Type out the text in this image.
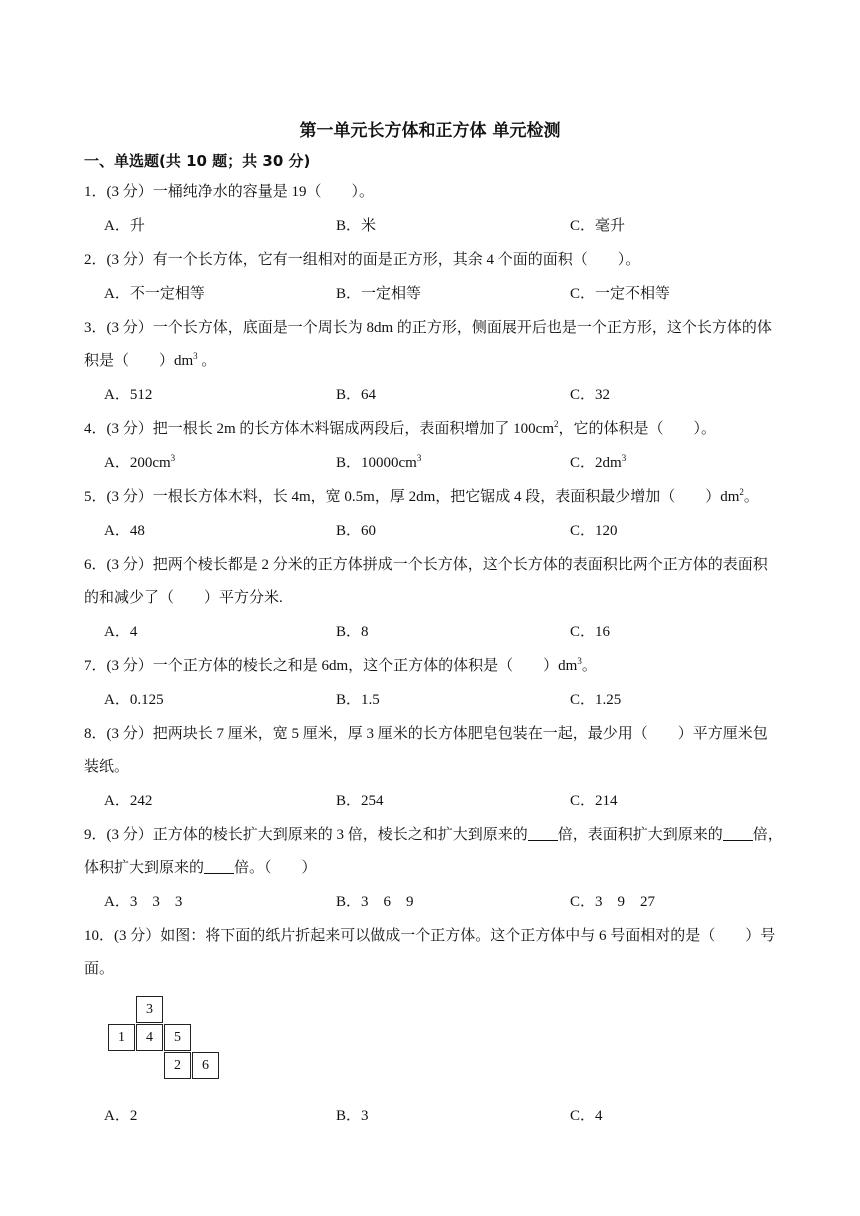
第一单元长方体和正方体 单元检测
一、单选题(共 10 题；共 30 分)
1．(3 分）一桶纯净水的容量是 19（　　）。
A．升	B．米	C．毫升
2．(3 分）有一个长方体，它有一组相对的面是正方形，其余 4 个面的面积（　　）。
A．不一定相等	B．一定相等	C．一定不相等
3．(3 分）一个长方体，底面是一个周长为 8dm 的正方形，侧面展开后也是一个正方形，这个长方体的体
积是（　　）$dm^3$ 。
A．512	B．64	C．32
4．(3 分）把一根长 2m 的长方体木料锯成两段后，表面积增加了 $100cm^2$，它的体积是（　　）。
A．$200cm^3$	B．$10000cm^3$	C．$2dm^3$
5．(3 分）一根长方体木料，长 4m，宽 0.5m，厚 2dm，把它锯成 4 段，表面积最少增加（　　）$dm^2$。
A．48	B．60	C．120
6．(3 分）把两个棱长都是 2 分米的正方体拼成一个长方体，这个长方体的表面积比两个正方体的表面积
的和减少了（　　）平方分米.
A．4	B．8	C．16
7．(3 分）一个正方体的棱长之和是 6dm，这个正方体的体积是（　　）$dm^3$。
A．0.125	B．1.5	C．1.25
8．(3 分）把两块长 7 厘米，宽 5 厘米，厚 3 厘米的长方体肥皂包装在一起，最少用（　　）平方厘米包
装纸。
A．242	B．254	C．214
9．(3 分）正方体的棱长扩大到原来的 3 倍，棱长之和扩大到原来的 倍，表面积扩大到原来的 倍，
体积扩大到原来的 倍。（　　）
A．3　3　3	B．3　6　9	C．3　9　27
10．(3 分）如图：将下面的纸片折起来可以做成一个正方体。这个正方体中与 6 号面相对的是（　　）号
面。
3
1	4	5
2	6
A．2	B．3	C．4
